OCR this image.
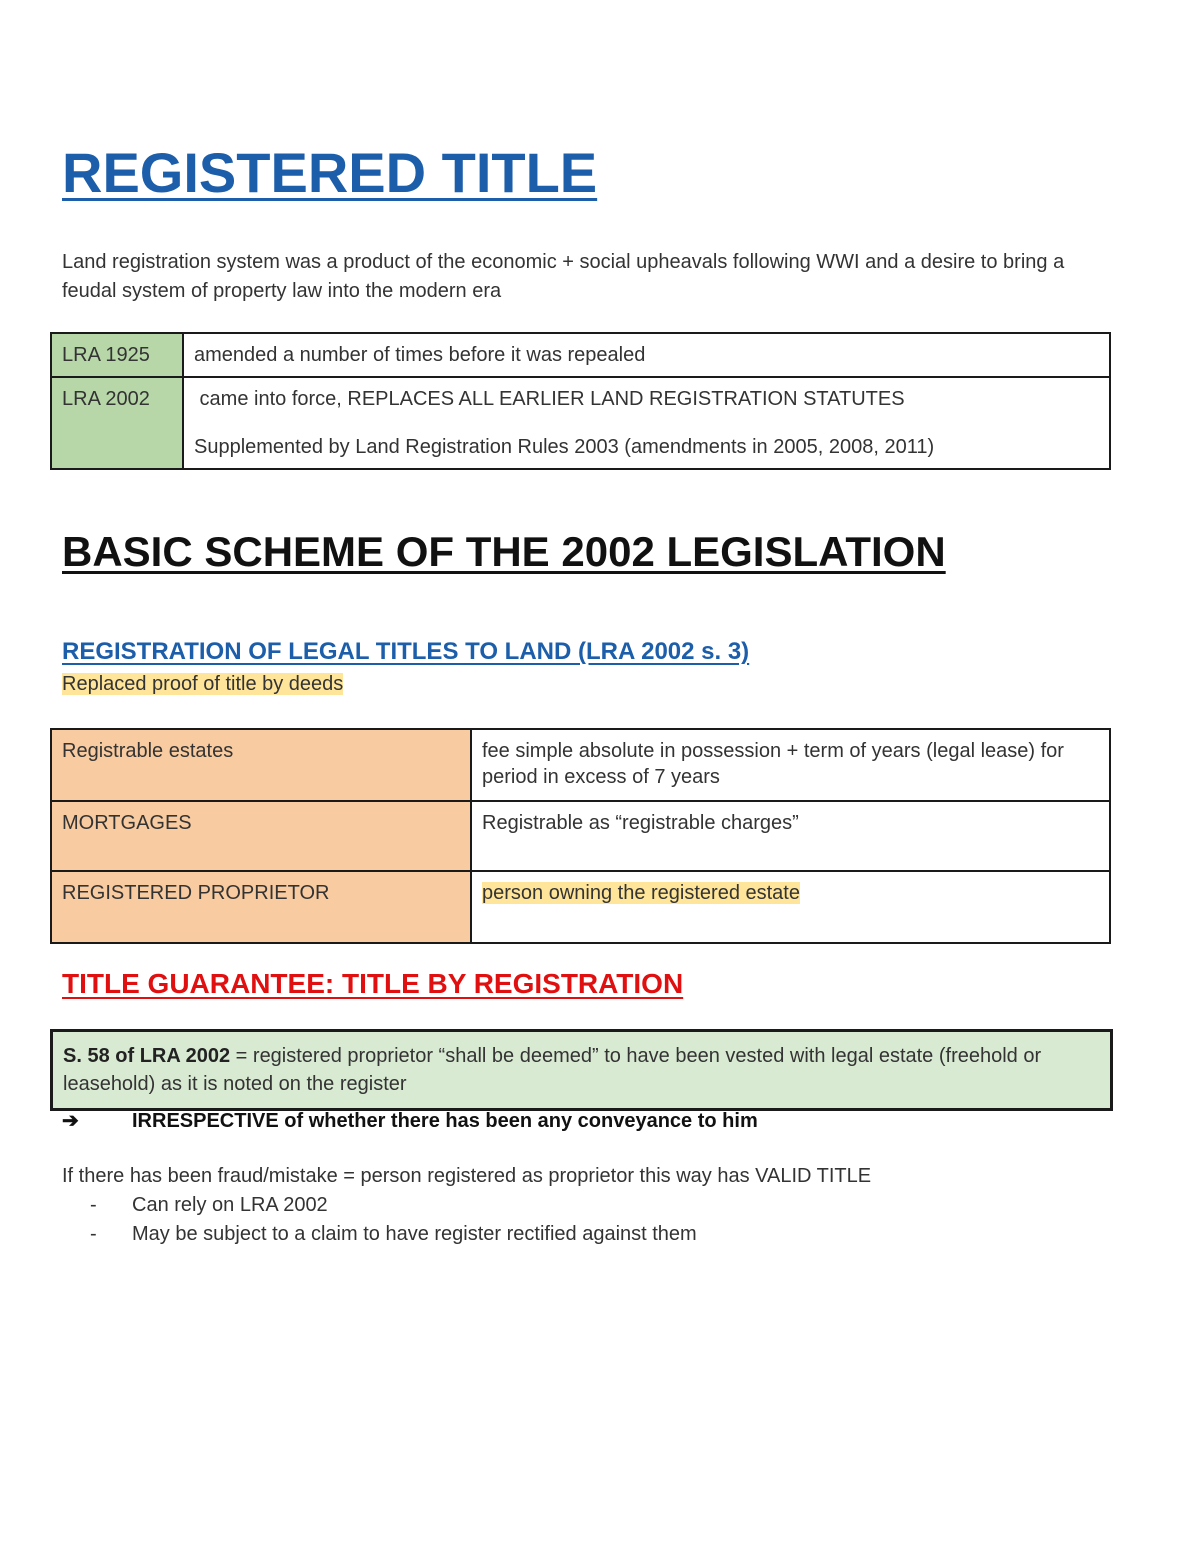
REGISTERED TITLE
Land registration system was a product of the economic + social upheavals following WWI and a desire to bring a feudal system of property law into the modern era
LRA 1925	amended a number of times before it was repealed
LRA 2002	came into force, REPLACES ALL EARLIER LAND REGISTRATION STATUTES
Supplemented by Land Registration Rules 2003 (amendments in 2005, 2008, 2011)
BASIC SCHEME OF THE 2002 LEGISLATION
REGISTRATION OF LEGAL TITLES TO LAND (LRA 2002 s. 3)
Replaced proof of title by deeds
Registrable estates	fee simple absolute in possession + term of years (legal lease) for period in excess of 7 years
MORTGAGES	Registrable as “registrable charges”
REGISTERED PROPRIETOR	person owning the registered estate
TITLE GUARANTEE: TITLE BY REGISTRATION
S. 58 of LRA 2002 = registered proprietor “shall be deemed” to have been vested with legal estate (freehold or leasehold) as it is noted on the register
➔	IRRESPECTIVE of whether there has been any conveyance to him
If there has been fraud/mistake = person registered as proprietor this way has VALID TITLE
- Can rely on LRA 2002
- May be subject to a claim to have register rectified against them
